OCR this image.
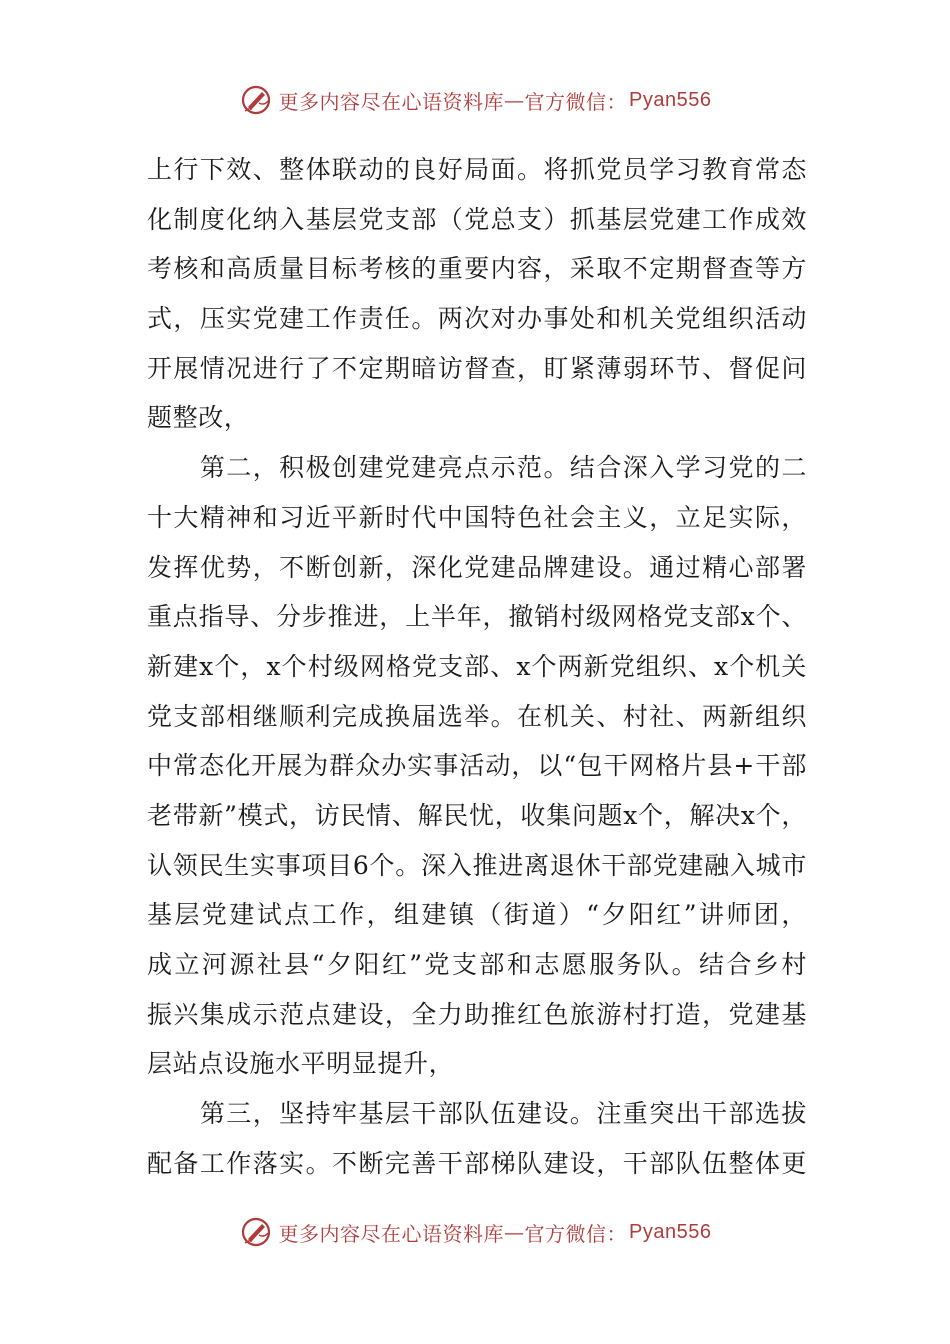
更多内容尽在心语资料库 — 官方微信： Pyan556
上行下效、整体联动的良好局面。将抓党员学习教育常态
化制度化纳入基层党支部（党总支）抓基层党建工作成效
考核和高质量目标考核的重要内容，采取不定期督查等方
式，压实党建工作责任。两次对办事处和机关党组织活动
开展情况进行了不定期暗访督查，盯紧薄弱环节、督促问
题整改，
　　第二，积极创建党建亮点示范。结合深入学习党的二
十大精神和习近平新时代中国特色社会主义，立足实际，
发挥优势，不断创新，深化党建品牌建设。通过精心部署
重点指导、分步推进，上半年，撤销村级网格党支部x个、
新建x个，x个村级网格党支部、x个两新党组织、x个机关
党支部相继顺利完成换届选举。在机关、村社、两新组织
中常态化开展为群众办实事活动，以“包干网格片县+干部
老带新”模式，访民情、解民忧，收集问题x个，解决x个，
认领民生实事项目6个。深入推进离退休干部党建融入城市
基层党建试点工作，组建镇（街道）“夕阳红”讲师团，
成立河源社县“夕阳红”党支部和志愿服务队。结合乡村
振兴集成示范点建设，全力助推红色旅游村打造，党建基
层站点设施水平明显提升，
　　第三，坚持牢基层干部队伍建设。注重突出干部选拔
配备工作落实。不断完善干部梯队建设，干部队伍整体更
更多内容尽在心语资料库 — 官方微信： Pyan556
